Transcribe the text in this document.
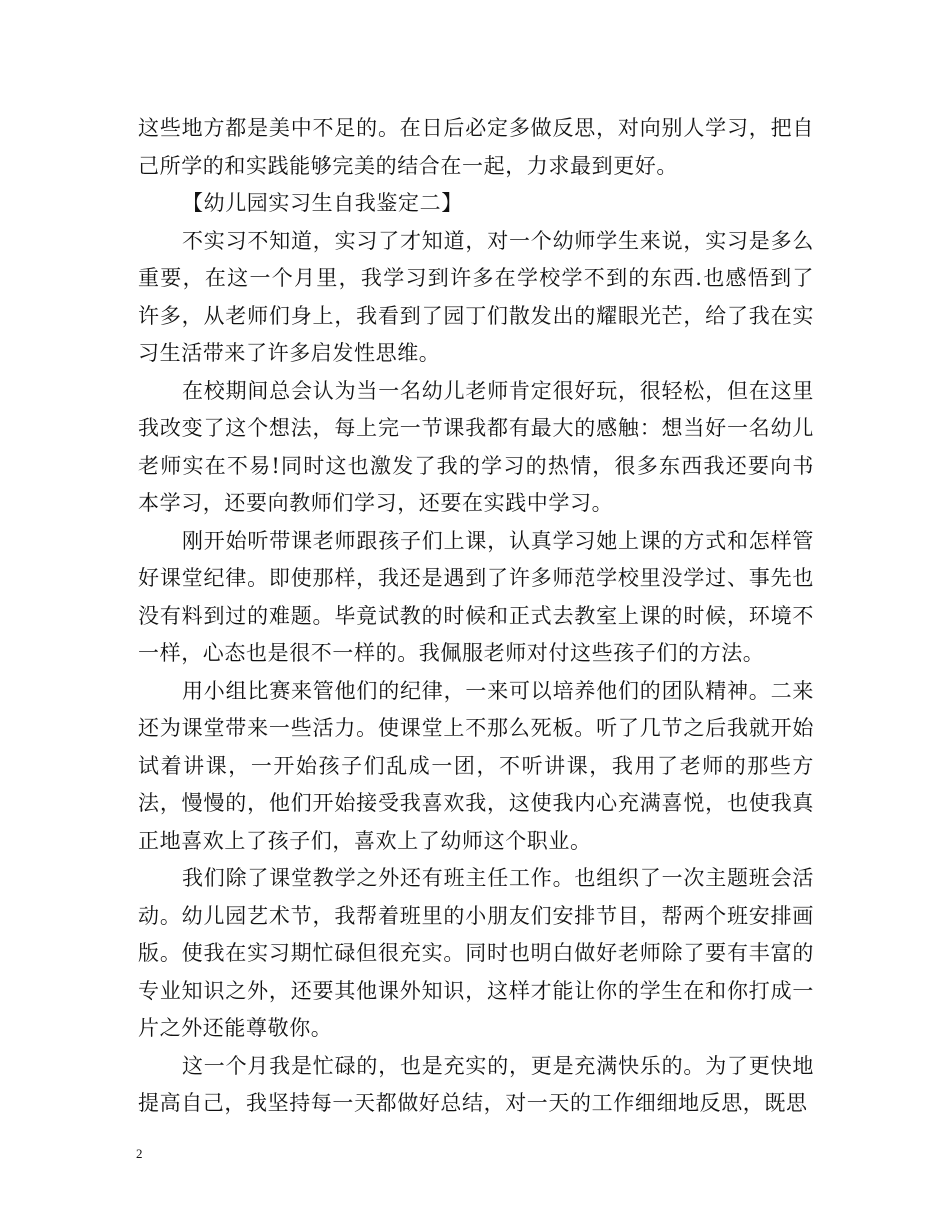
这些地方都是美中不足的。在日后必定多做反思，对向别人学习，把自己所学的和实践能够完美的结合在一起，力求最到更好。

【幼儿园实习生自我鉴定二】

不实习不知道，实习了才知道，对一个幼师学生来说，实习是多么重要，在这一个月里，我学习到许多在学校学不到的东西.也感悟到了许多，从老师们身上，我看到了园丁们散发出的耀眼光芒，给了我在实习生活带来了许多启发性思维。

在校期间总会认为当一名幼儿老师肯定很好玩，很轻松，但在这里我改变了这个想法，每上完一节课我都有最大的感触：想当好一名幼儿老师实在不易!同时这也激发了我的学习的热情，很多东西我还要向书本学习，还要向教师们学习，还要在实践中学习。

刚开始听带课老师跟孩子们上课，认真学习她上课的方式和怎样管好课堂纪律。即使那样，我还是遇到了许多师范学校里没学过、事先也没有料到过的难题。毕竟试教的时候和正式去教室上课的时候，环境不一样，心态也是很不一样的。我佩服老师对付这些孩子们的方法。

用小组比赛来管他们的纪律，一来可以培养他们的团队精神。二来还为课堂带来一些活力。使课堂上不那么死板。听了几节之后我就开始试着讲课，一开始孩子们乱成一团，不听讲课，我用了老师的那些方法，慢慢的，他们开始接受我喜欢我，这使我内心充满喜悦，也使我真正地喜欢上了孩子们，喜欢上了幼师这个职业。

我们除了课堂教学之外还有班主任工作。也组织了一次主题班会活动。幼儿园艺术节，我帮着班里的小朋友们安排节目，帮两个班安排画版。使我在实习期忙碌但很充实。同时也明白做好老师除了要有丰富的专业知识之外，还要其他课外知识，这样才能让你的学生在和你打成一片之外还能尊敬你。

这一个月我是忙碌的，也是充实的，更是充满快乐的。为了更快地提高自己，我坚持每一天都做好总结，对一天的工作细细地反思，既思

2
